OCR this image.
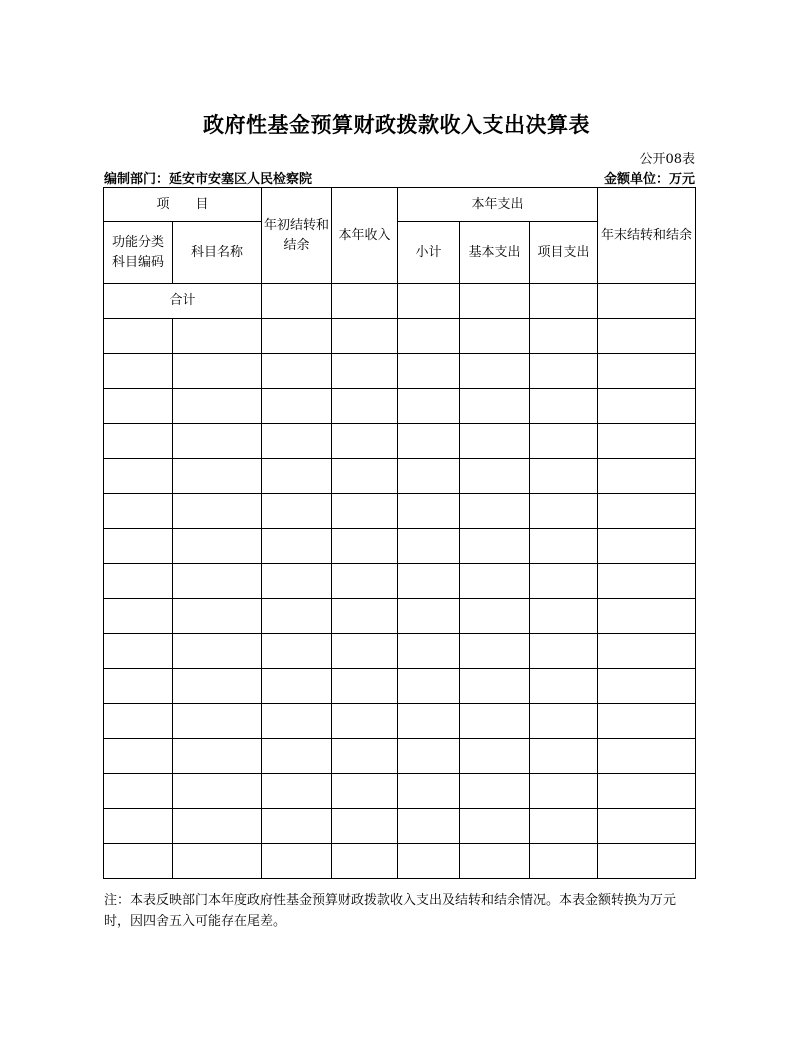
政府性基金预算财政拨款收入支出决算表
公开08表
编制部门：延安市安塞区人民检察院	金额单位：万元
项　　目		年初结转和结余	本年收入	本年支出			年末结转和结余
功能分类科目编码	科目名称			小计	基本支出	项目支出	
合计							

注：本表反映部门本年度政府性基金预算财政拨款收入支出及结转和结余情况。本表金额转换为万元时，因四舍五入可能存在尾差。
